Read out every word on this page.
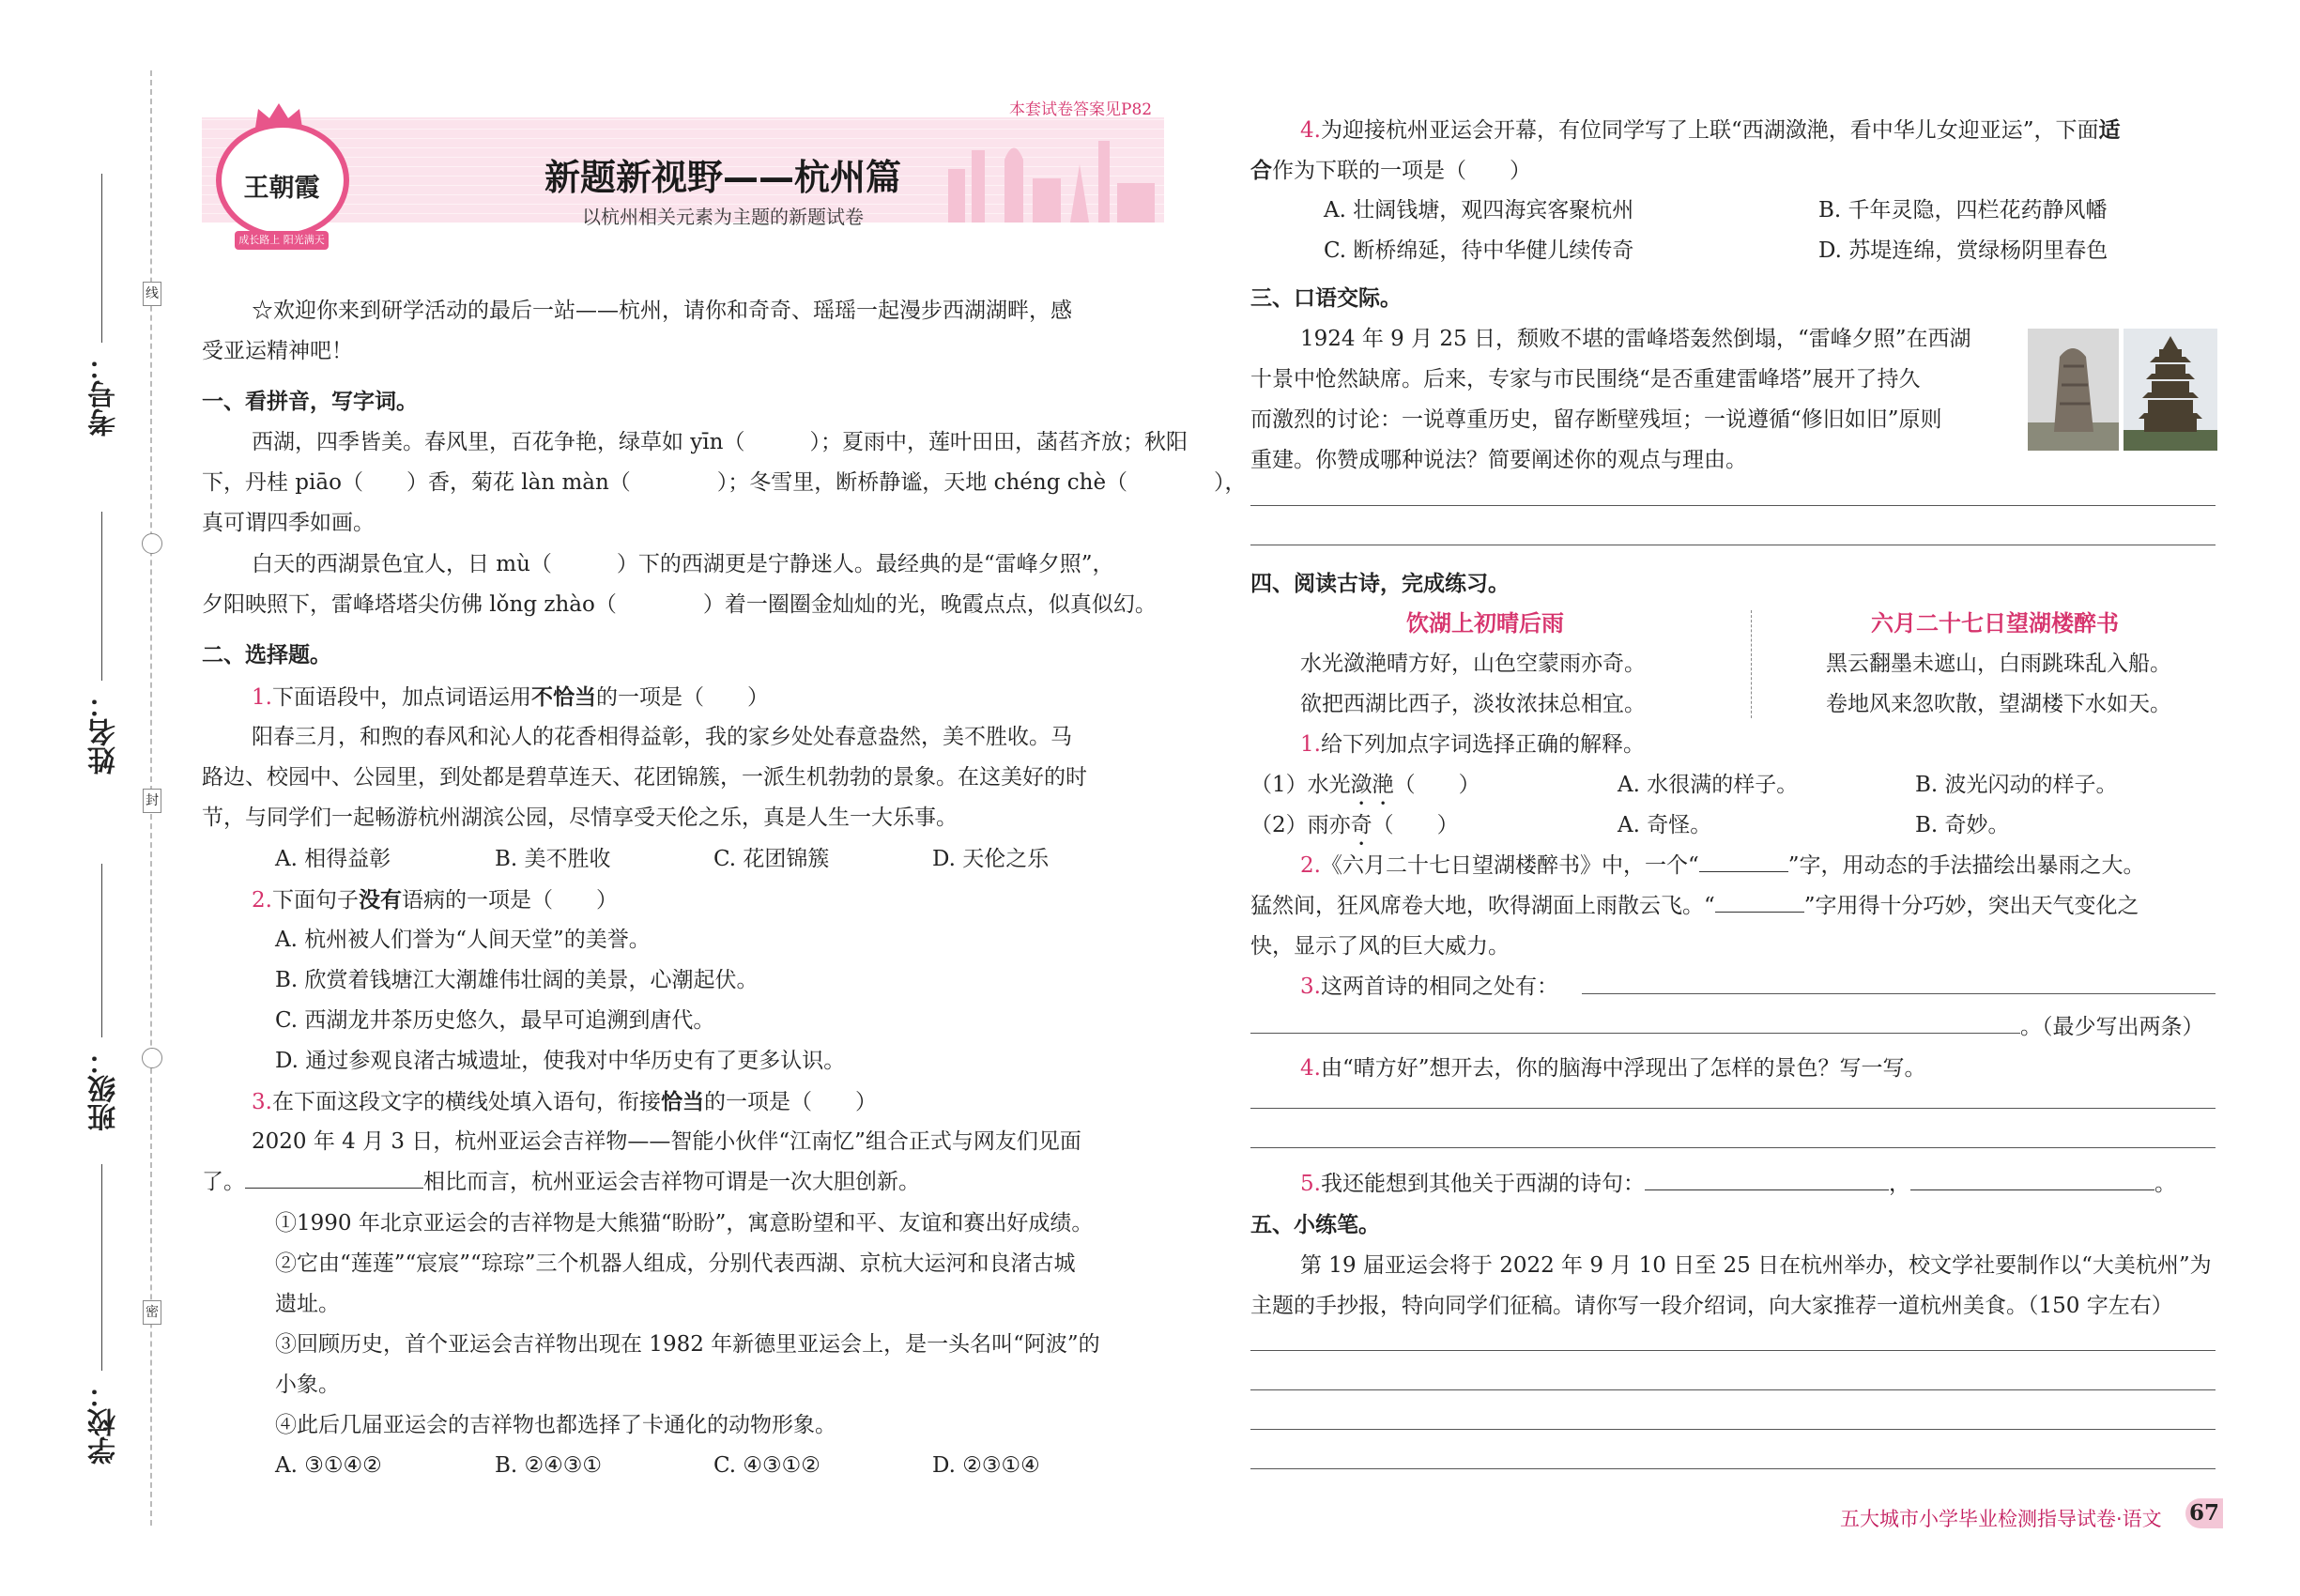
考号：
姓名：
班级：
学校：
线
封
密
本套试卷答案见P82
王朝霞
成长路上 阳光满天
新题新视野——杭州篇
以杭州相关元素为主题的新题试卷
☆欢迎你来到研学活动的最后一站——杭州，请你和奇奇、瑶瑶一起漫步西湖湖畔，感
受亚运精神吧！
一、看拼音，写字词。
西湖，四季皆美。春风里，百花争艳，绿草如 yīn（　　　）；夏雨中，莲叶田田，菡萏齐放；秋阳
下，丹桂 piāo（　　）香，菊花 làn màn（　　　　）；冬雪里，断桥静谧，天地 chéng chè（　　　　），
真可谓四季如画。
白天的西湖景色宜人，日 mù（　　　）下的西湖更是宁静迷人。最经典的是“雷峰夕照”，
夕阳映照下，雷峰塔塔尖仿佛 lǒng zhào（　　　　）着一圈圈金灿灿的光，晚霞点点，似真似幻。
二、选择题。
1.下面语段中，加点词语运用不恰当的一项是（　　）
阳春三月，和煦的春风和沁人的花香相得益彰，我的家乡处处春意盎然，美不胜收。马
路边、校园中、公园里，到处都是碧草连天、花团锦簇，一派生机勃勃的景象。在这美好的时
节，与同学们一起畅游杭州湖滨公园，尽情享受天伦之乐，真是人生一大乐事。
A. 相得益彰	B. 美不胜收	C. 花团锦簇	D. 天伦之乐
2.下面句子没有语病的一项是（　　）
A. 杭州被人们誉为“人间天堂”的美誉。
B. 欣赏着钱塘江大潮雄伟壮阔的美景，心潮起伏。
C. 西湖龙井茶历史悠久，最早可追溯到唐代。
D. 通过参观良渚古城遗址，使我对中华历史有了更多认识。
3.在下面这段文字的横线处填入语句，衔接恰当的一项是（　　）
2020 年 4 月 3 日，杭州亚运会吉祥物——智能小伙伴“江南忆”组合正式与网友们见面
了。	相比而言，杭州亚运会吉祥物可谓是一次大胆创新。
①1990 年北京亚运会的吉祥物是大熊猫“盼盼”，寓意盼望和平、友谊和赛出好成绩。
②它由“莲莲”“宸宸”“琮琮”三个机器人组成，分别代表西湖、京杭大运河和良渚古城
遗址。
③回顾历史，首个亚运会吉祥物出现在 1982 年新德里亚运会上，是一头名叫“阿波”的
小象。
④此后几届亚运会的吉祥物也都选择了卡通化的动物形象。
A. ③①④②	B. ②④③①	C. ④③①②	D. ②③①④
4.为迎接杭州亚运会开幕，有位同学写了上联“西湖潋滟，看中华儿女迎亚运”，下面适
合作为下联的一项是（　　）
A. 壮阔钱塘，观四海宾客聚杭州	B. 千年灵隐，四栏花药静风幡
C. 断桥绵延，待中华健儿续传奇	D. 苏堤连绵，赏绿杨阴里春色
三、口语交际。
1924 年 9 月 25 日，颓败不堪的雷峰塔轰然倒塌，“雷峰夕照”在西湖
十景中怆然缺席。后来，专家与市民围绕“是否重建雷峰塔”展开了持久
而激烈的讨论：一说尊重历史，留存断壁残垣；一说遵循“修旧如旧”原则
重建。你赞成哪种说法？简要阐述你的观点与理由。
四、阅读古诗，完成练习。
饮湖上初晴后雨
水光潋滟晴方好，山色空蒙雨亦奇。
欲把西湖比西子，淡妆浓抹总相宜。
六月二十七日望湖楼醉书
黑云翻墨未遮山，白雨跳珠乱入船。
卷地风来忽吹散，望湖楼下水如天。
1.给下列加点字词选择正确的解释。
（1）水光潋滟（　　）	A. 水很满的样子。	B. 波光闪动的样子。
（2）雨亦奇（　　）	A. 奇怪。	B. 奇妙。
2.《六月二十七日望湖楼醉书》中，一个“	”字，用动态的手法描绘出暴雨之大。
猛然间，狂风席卷大地，吹得湖面上雨散云飞。“	”字用得十分巧妙，突出天气变化之
快，显示了风的巨大威力。
3.这两首诗的相同之处有：
。（最少写出两条）
4.由“晴方好”想开去，你的脑海中浮现出了怎样的景色？写一写。
5.我还能想到其他关于西湖的诗句：	，	。
五、小练笔。
第 19 届亚运会将于 2022 年 9 月 10 日至 25 日在杭州举办，校文学社要制作以“大美杭州”为
主题的手抄报，特向同学们征稿。请你写一段介绍词，向大家推荐一道杭州美食。（150 字左右）
五大城市小学毕业检测指导试卷·语文 67
